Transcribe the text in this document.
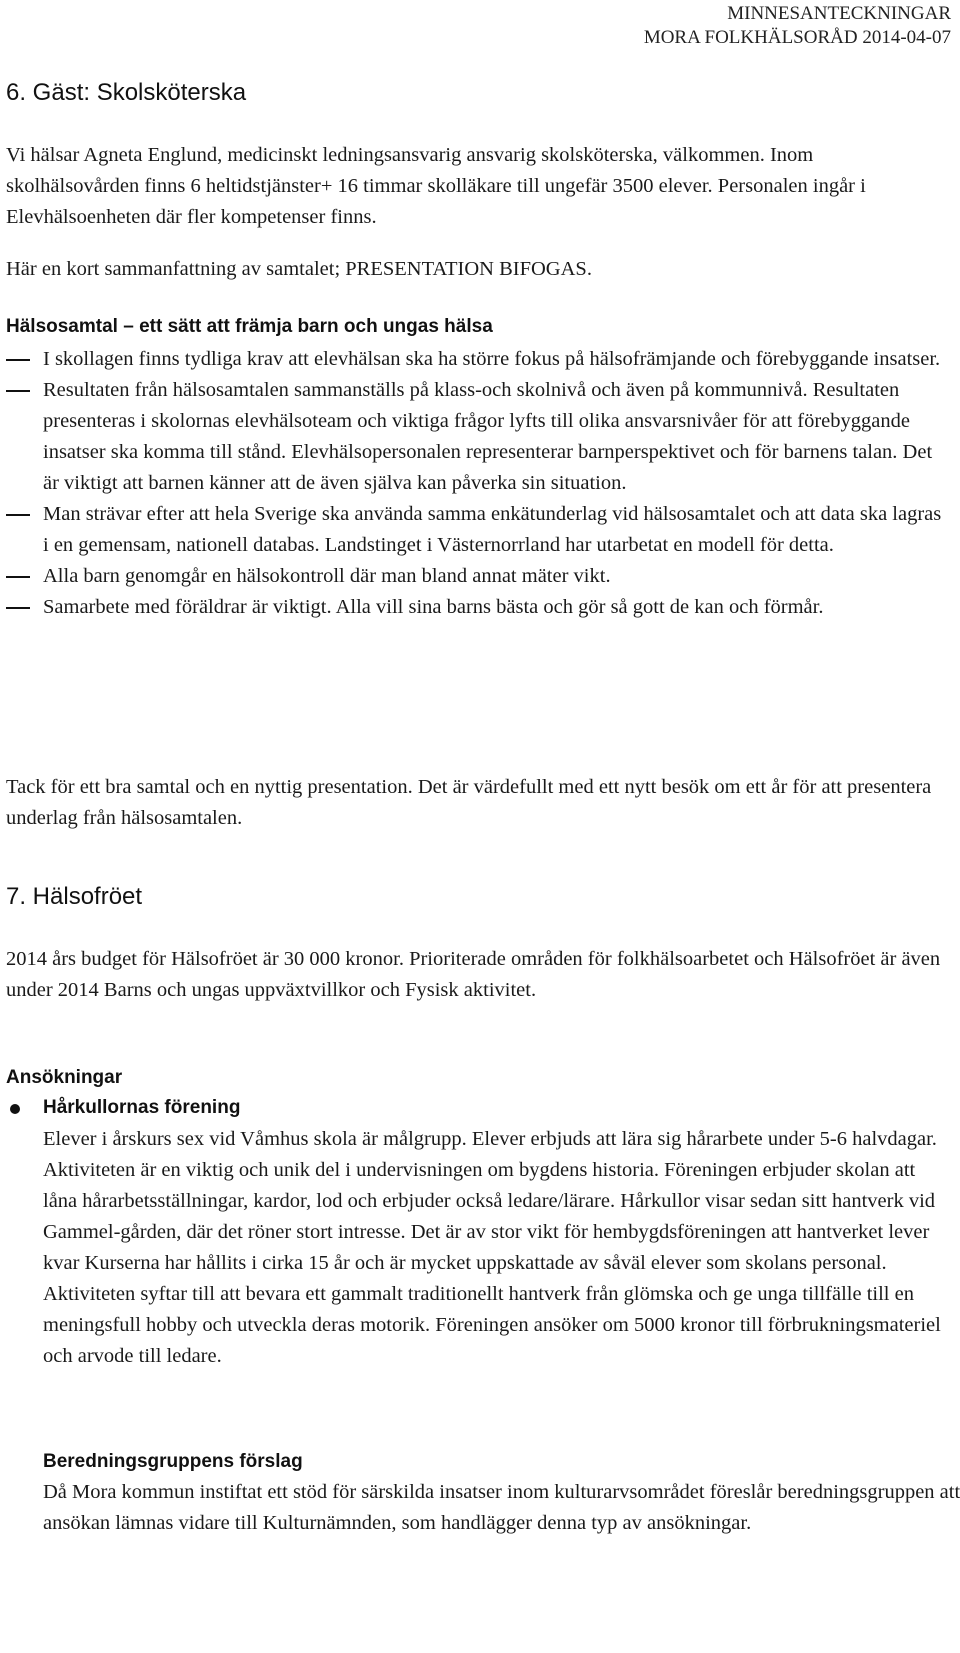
MINNESANTECKNINGAR
MORA FOLKHÄLSORÅD 2014-04-07
6. Gäst: Skolsköterska

Vi hälsar Agneta Englund, medicinskt ledningsansvarig ansvarig skolsköterska, välkommen. Inom skolhälsovården finns 6 heltidstjänster+ 16 timmar skolläkare till ungefär 3500 elever. Personalen ingår i Elevhälsoenheten där fler kompetenser finns.

Här en kort sammanfattning av samtalet; PRESENTATION BIFOGAS.

Hälsosamtal – ett sätt att främja barn och ungas hälsa
I skollagen finns tydliga krav att elevhälsan ska ha större fokus på hälsofrämjande och förebyggande insatser.
Resultaten från hälsosamtalen sammanställs på klass-och skolnivå och även på kommunnivå. Resultaten presenteras i skolornas elevhälsoteam och viktiga frågor lyfts till olika ansvarsnivåer för att förebyggande insatser ska komma till stånd. Elevhälsopersonalen representerar barnperspektivet och för barnens talan. Det är viktigt att barnen känner att de även själva kan påverka sin situation.
Man strävar efter att hela Sverige ska använda samma enkätunderlag vid hälsosamtalet och att data ska lagras i en gemensam, nationell databas. Landstinget i Västernorrland har utarbetat en modell för detta.
Alla barn genomgår en hälsokontroll där man bland annat mäter vikt.
Samarbete med föräldrar är viktigt. Alla vill sina barns bästa och gör så gott de kan och förmår.

Tack för ett bra samtal och en nyttig presentation. Det är värdefullt med ett nytt besök om ett år för att presentera underlag från hälsosamtalen.

7. Hälsofröet

2014 års budget för Hälsofröet är 30 000 kronor. Prioriterade områden för folkhälsoarbetet och Hälsofröet är även under 2014 Barns och ungas uppväxtvillkor och Fysisk aktivitet.

Ansökningar
Hårkullornas förening

Elever i årskurs sex vid Våmhus skola är målgrupp. Elever erbjuds att lära sig hårarbete under 5-6 halvdagar. Aktiviteten är en viktig och unik del i undervisningen om bygdens historia. Föreningen erbjuder skolan att låna hårarbetsställningar, kardor, lod och erbjuder också ledare/lärare. Hårkullor visar sedan sitt hantverk vid Gammel-gården, där det röner stort intresse. Det är av stor vikt för hembygdsföreningen att hantverket lever kvar Kurserna har hållits i cirka 15 år och är mycket uppskattade av såväl elever som skolans personal. Aktiviteten syftar till att bevara ett gammalt traditionellt hantverk från glömska och ge unga tillfälle till en meningsfull hobby och utveckla deras motorik. Föreningen ansöker om 5000 kronor till förbrukningsmateriel och arvode till ledare.

Beredningsgruppens förslag

Då Mora kommun instiftat ett stöd för särskilda insatser inom kulturarvsområdet föreslår beredningsgruppen att ansökan lämnas vidare till Kulturnämnden, som handlägger denna typ av ansökningar.
